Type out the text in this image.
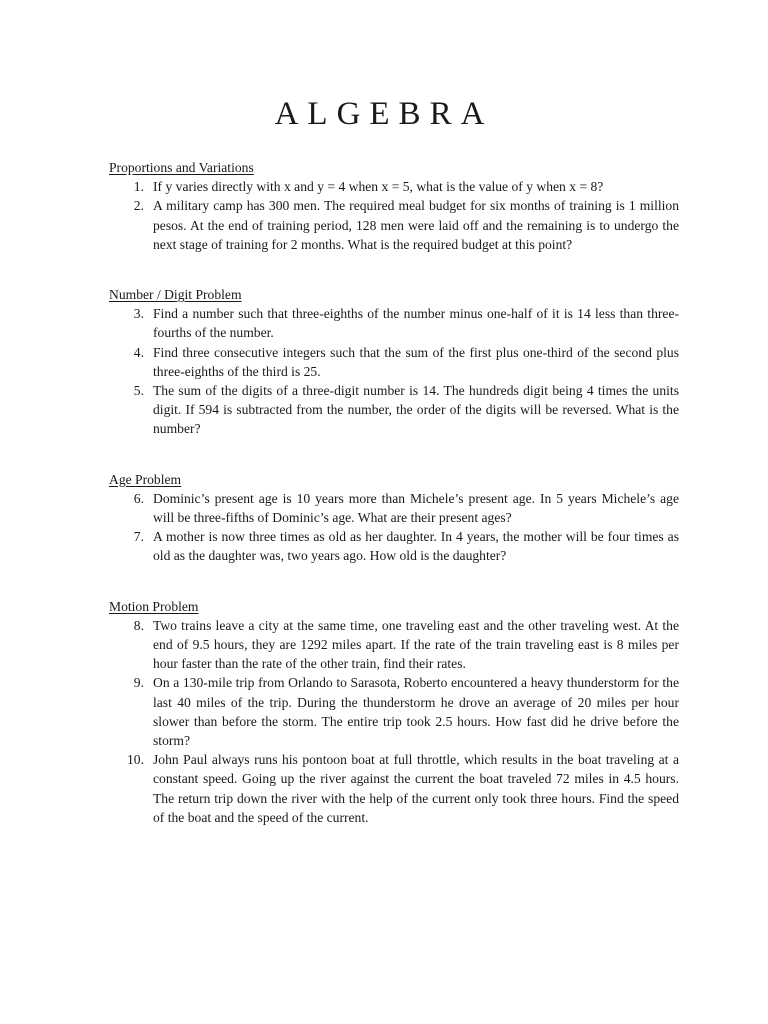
ALGEBRA

Proportions and Variations

1. If y varies directly with x and y = 4 when x = 5, what is the value of y when x = 8?
2. A military camp has 300 men. The required meal budget for six months of training is 1 million pesos. At the end of training period, 128 men were laid off and the remaining is to undergo the next stage of training for 2 months. What is the required budget at this point?

Number / Digit Problem

3. Find a number such that three-eighths of the number minus one-half of it is 14 less than three-fourths of the number.
4. Find three consecutive integers such that the sum of the first plus one-third of the second plus three-eighths of the third is 25.
5. The sum of the digits of a three-digit number is 14. The hundreds digit being 4 times the units digit. If 594 is subtracted from the number, the order of the digits will be reversed. What is the number?

Age Problem

6. Dominic’s present age is 10 years more than Michele’s present age. In 5 years Michele’s age will be three-fifths of Dominic’s age. What are their present ages?
7. A mother is now three times as old as her daughter. In 4 years, the mother will be four times as old as the daughter was, two years ago. How old is the daughter?

Motion Problem

8. Two trains leave a city at the same time, one traveling east and the other traveling west. At the end of 9.5 hours, they are 1292 miles apart. If the rate of the train traveling east is 8 miles per hour faster than the rate of the other train, find their rates.
9. On a 130-mile trip from Orlando to Sarasota, Roberto encountered a heavy thunderstorm for the last 40 miles of the trip. During the thunderstorm he drove an average of 20 miles per hour slower than before the storm. The entire trip took 2.5 hours. How fast did he drive before the storm?
10. John Paul always runs his pontoon boat at full throttle, which results in the boat traveling at a constant speed. Going up the river against the current the boat traveled 72 miles in 4.5 hours. The return trip down the river with the help of the current only took three hours. Find the speed of the boat and the speed of the current.
